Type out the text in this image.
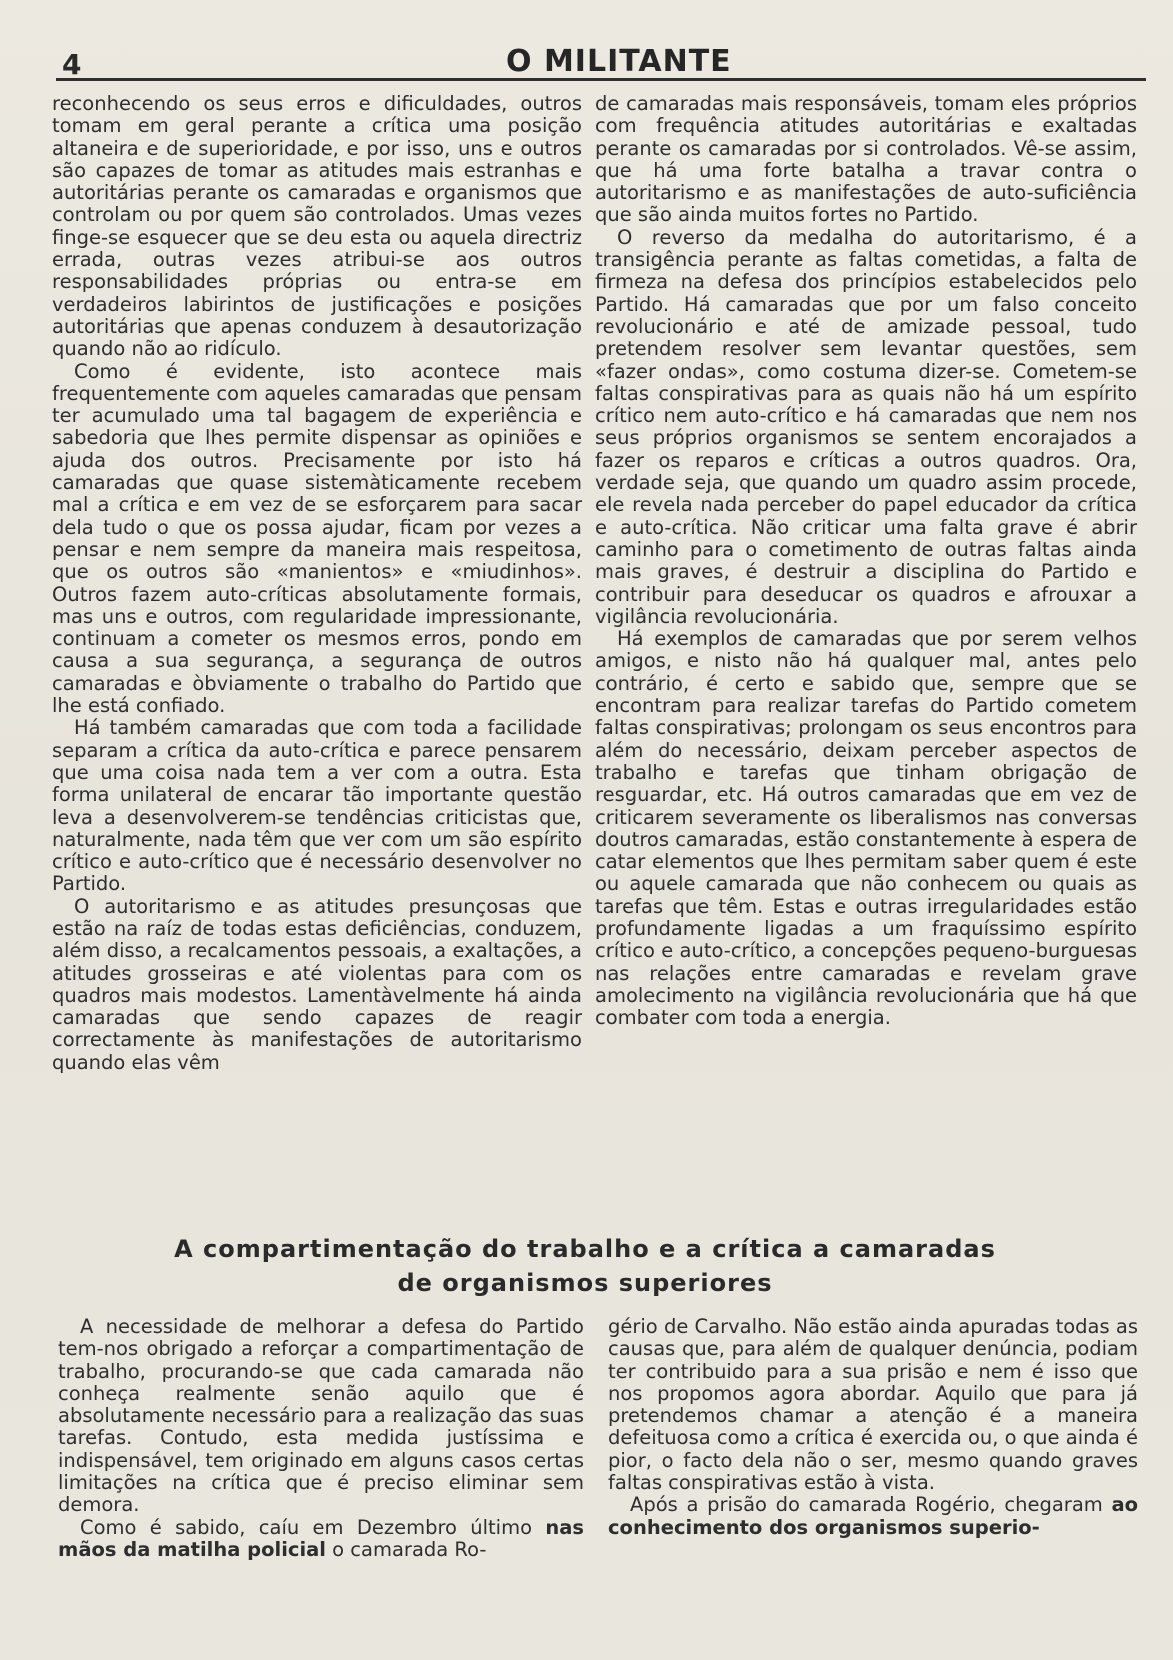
4	O MILITANTE

reconhecendo os seus erros e dificuldades, outros tomam em geral perante a crítica uma posição altaneira e de superioridade, e por isso, uns e outros são capazes de tomar as atitudes mais estranhas e autoritárias perante os camaradas e organismos que controlam ou por quem são controlados. Umas vezes finge-se esquecer que se deu esta ou aquela directriz errada, outras vezes atribui-se aos outros responsabilidades próprias ou entra-se em verdadeiros labirintos de justificações e posições autoritárias que apenas conduzem à desautorização quando não ao ridículo.

Como é evidente, isto acontece mais frequentemente com aqueles camaradas que pensam ter acumulado uma tal bagagem de experiência e sabedoria que lhes permite dispensar as opiniões e ajuda dos outros. Precisamente por isto há camaradas que quase sistemàticamente recebem mal a crítica e em vez de se esforçarem para sacar dela tudo o que os possa ajudar, ficam por vezes a pensar e nem sempre da maneira mais respeitosa, que os outros são «manientos» e «miudinhos». Outros fazem auto-críticas absolutamente formais, mas uns e outros, com regularidade impressionante, continuam a cometer os mesmos erros, pondo em causa a sua segurança, a segurança de outros camaradas e òbviamente o trabalho do Partido que lhe está confiado.

Há também camaradas que com toda a facilidade separam a crítica da auto-crítica e parece pensarem que uma coisa nada tem a ver com a outra. Esta forma unilateral de encarar tão importante questão leva a desenvolverem-se tendências criticistas que, naturalmente, nada têm que ver com um são espírito crítico e auto-crítico que é necessário desenvolver no Partido.

O autoritarismo e as atitudes presunçosas que estão na raíz de todas estas deficiências, conduzem, além disso, a recalcamentos pessoais, a exaltações, a atitudes grosseiras e até violentas para com os quadros mais modestos. Lamentàvelmente há ainda camaradas que sendo capazes de reagir correctamente às manifestações de autoritarismo quando elas vêm

de camaradas mais responsáveis, tomam eles próprios com frequência atitudes autoritárias e exaltadas perante os camaradas por si controlados. Vê-se assim, que há uma forte batalha a travar contra o autoritarismo e as manifestações de auto-suficiência que são ainda muitos fortes no Partido.

O reverso da medalha do autoritarismo, é a transigência perante as faltas cometidas, a falta de firmeza na defesa dos princípios estabelecidos pelo Partido. Há camaradas que por um falso conceito revolucionário e até de amizade pessoal, tudo pretendem resolver sem levantar questões, sem «fazer ondas», como costuma dizer-se. Cometem-se faltas conspirativas para as quais não há um espírito crítico nem auto-crítico e há camaradas que nem nos seus próprios organismos se sentem encorajados a fazer os reparos e críticas a outros quadros. Ora, verdade seja, que quando um quadro assim procede, ele revela nada perceber do papel educador da crítica e auto-crítica. Não criticar uma falta grave é abrir caminho para o cometimento de outras faltas ainda mais graves, é destruir a disciplina do Partido e contribuir para deseducar os quadros e afrouxar a vigilância revolucionária.

Há exemplos de camaradas que por serem velhos amigos, e nisto não há qualquer mal, antes pelo contrário, é certo e sabido que, sempre que se encontram para realizar tarefas do Partido cometem faltas conspirativas; prolongam os seus encontros para além do necessário, deixam perceber aspectos de trabalho e tarefas que tinham obrigação de resguardar, etc. Há outros camaradas que em vez de criticarem severamente os liberalismos nas conversas doutros camaradas, estão constantemente à espera de catar elementos que lhes permitam saber quem é este ou aquele camarada que não conhecem ou quais as tarefas que têm. Estas e outras irregularidades estão profundamente ligadas a um fraquíssimo espírito crítico e auto-crítico, a concepções pequeno-burguesas nas relações entre camaradas e revelam grave amolecimento na vigilância revolucionária que há que combater com toda a energia.

A compartimentação do trabalho e a crítica a camaradas
de organismos superiores

A necessidade de melhorar a defesa do Partido tem-nos obrigado a reforçar a compartimentação de trabalho, procurando-se que cada camarada não conheça realmente senão aquilo que é absolutamente necessário para a realização das suas tarefas. Contudo, esta medida justíssima e indispensável, tem originado em alguns casos certas limitações na crítica que é preciso eliminar sem demora.

Como é sabido, caíu em Dezembro último nas mãos da matilha policial o camarada Ro-

gério de Carvalho. Não estão ainda apuradas todas as causas que, para além de qualquer denúncia, podiam ter contribuido para a sua prisão e nem é isso que nos propomos agora abordar. Aquilo que para já pretendemos chamar a atenção é a maneira defeituosa como a crítica é exercida ou, o que ainda é pior, o facto dela não o ser, mesmo quando graves faltas conspirativas estão à vista.

Após a prisão do camarada Rogério, chegaram ao conhecimento dos organismos superio-
